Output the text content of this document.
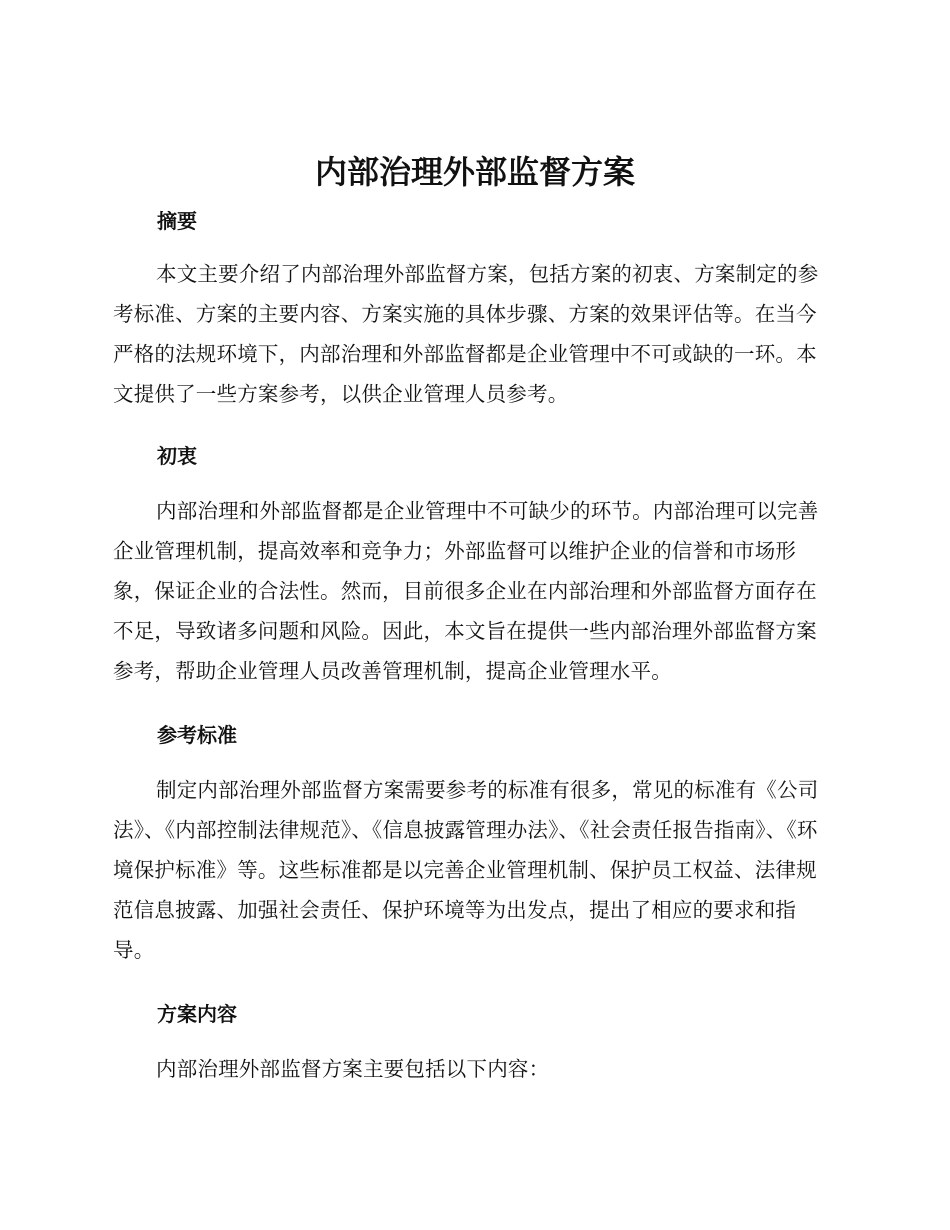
内部治理外部监督方案
摘要
本文主要介绍了内部治理外部监督方案，包括方案的初衷、方案制定的参考标准、方案的主要内容、方案实施的具体步骤、方案的效果评估等。在当今严格的法规环境下，内部治理和外部监督都是企业管理中不可或缺的一环。本文提供了一些方案参考，以供企业管理人员参考。
初衷
内部治理和外部监督都是企业管理中不可缺少的环节。内部治理可以完善企业管理机制，提高效率和竞争力；外部监督可以维护企业的信誉和市场形象，保证企业的合法性。然而，目前很多企业在内部治理和外部监督方面存在不足，导致诸多问题和风险。因此，本文旨在提供一些内部治理外部监督方案参考，帮助企业管理人员改善管理机制，提高企业管理水平。
参考标准
制定内部治理外部监督方案需要参考的标准有很多，常见的标准有《公司法》、《内部控制法律规范》、《信息披露管理办法》、《社会责任报告指南》、《环境保护标准》等。这些标准都是以完善企业管理机制、保护员工权益、法律规范信息披露、加强社会责任、保护环境等为出发点，提出了相应的要求和指导。
方案内容
内部治理外部监督方案主要包括以下内容：
